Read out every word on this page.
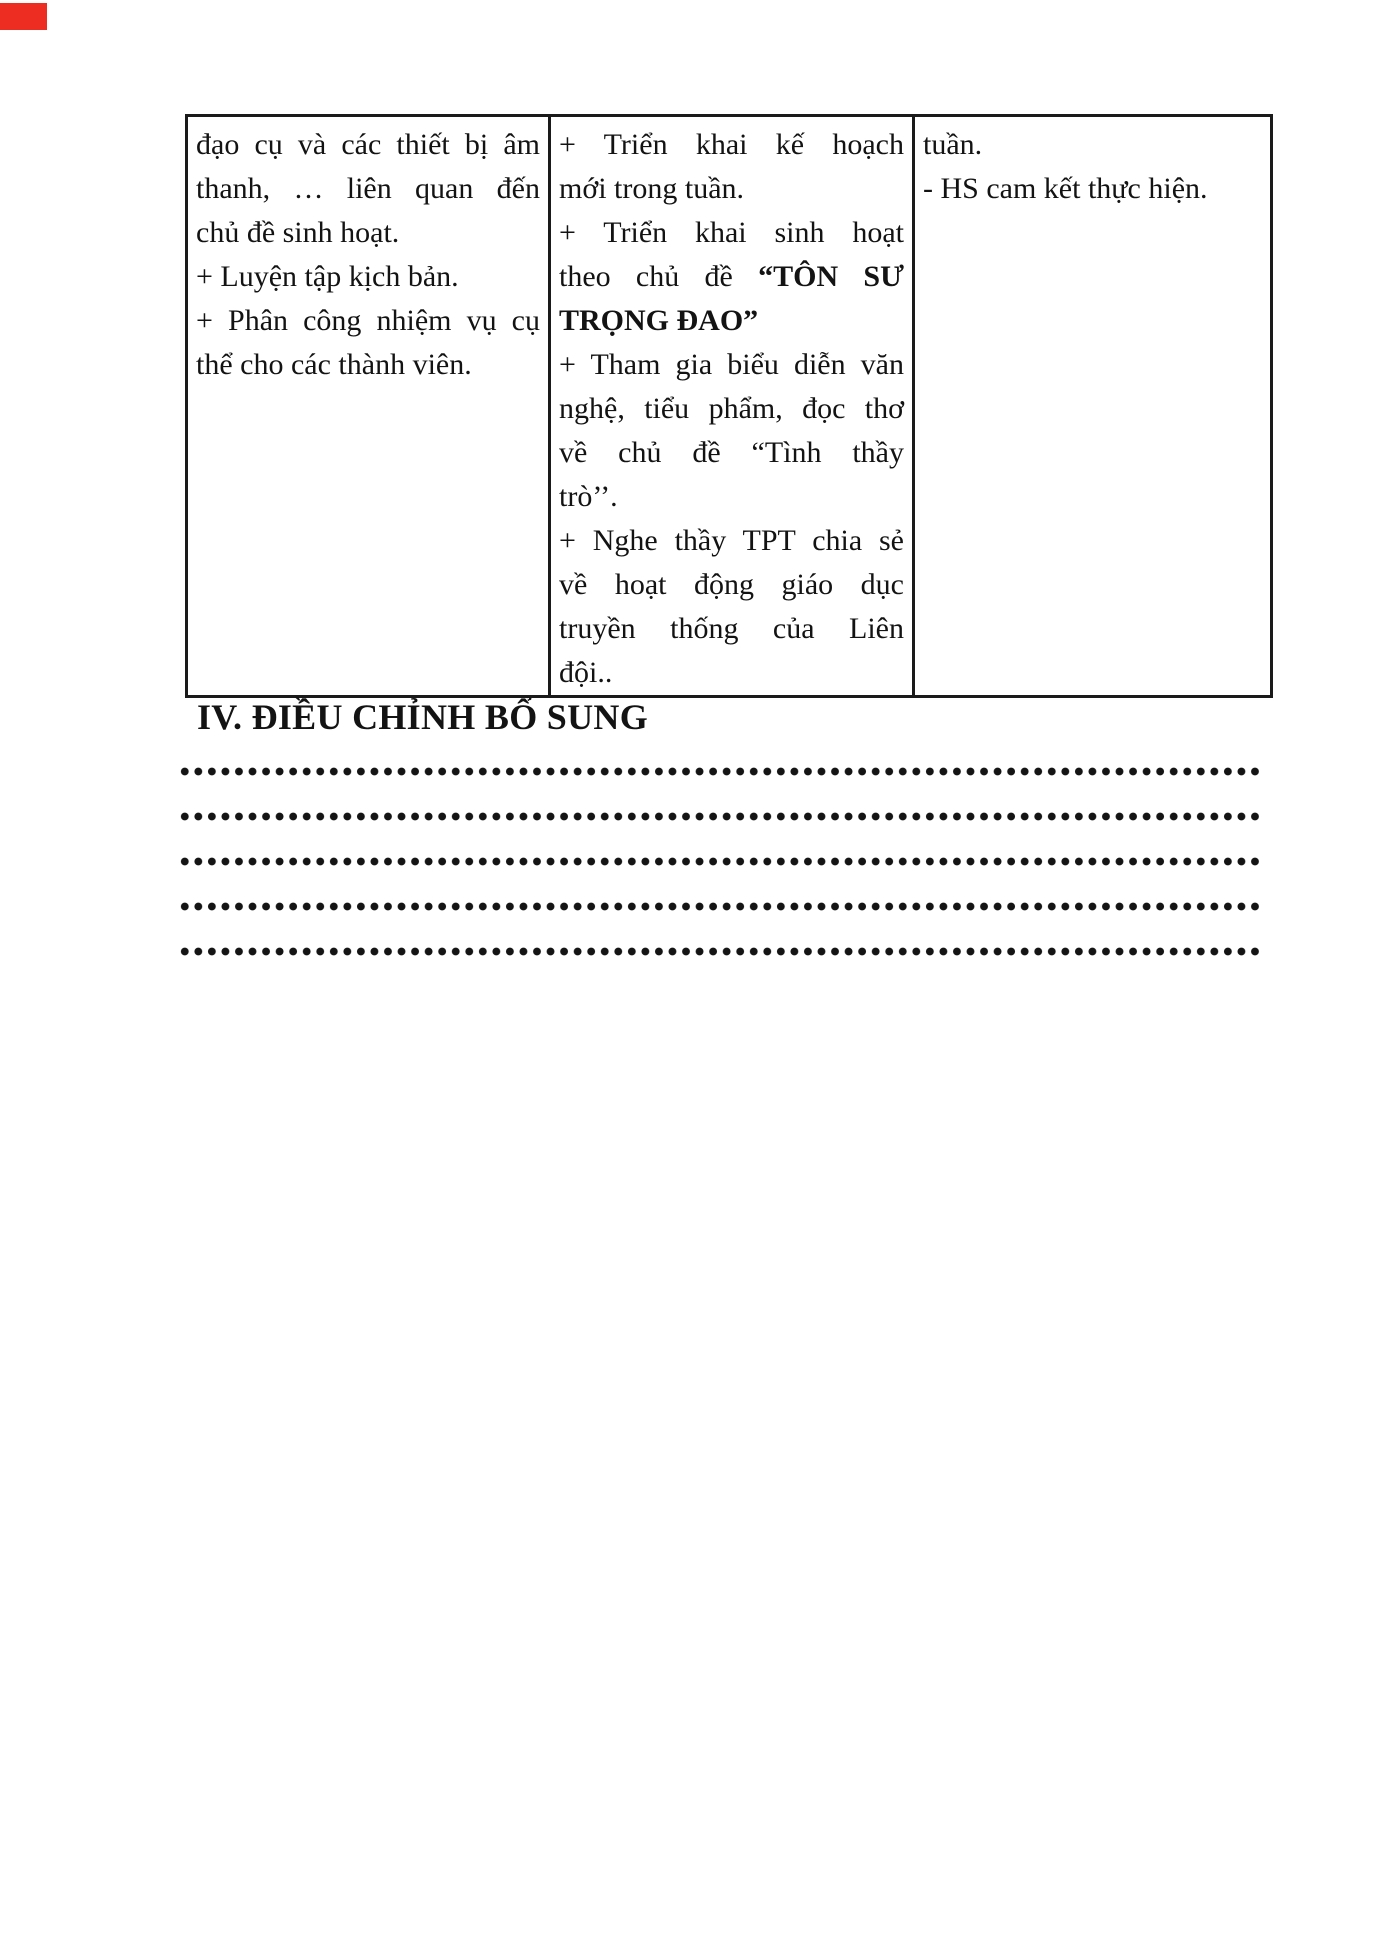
đạo cụ và các thiết bị âm
thanh, … liên quan đến
chủ đề sinh hoạt.
+ Luyện tập kịch bản.
+ Phân công nhiệm vụ cụ
thể cho các thành viên.
+ Triển khai kế hoạch
mới trong tuần.
+ Triển khai sinh hoạt
theo chủ đề “TÔN SƯ
TRỌNG ĐAO”
+ Tham gia biểu diễn văn
nghệ, tiểu phẩm, đọc thơ
về chủ đề “Tình thầy
trò’’.
+ Nghe thầy TPT chia sẻ
về hoạt động giáo dục
truyền thống của Liên
đội..
tuần.
- HS cam kết thực hiện.
IV. ĐIỀU CHỈNH BỔ SUNG
